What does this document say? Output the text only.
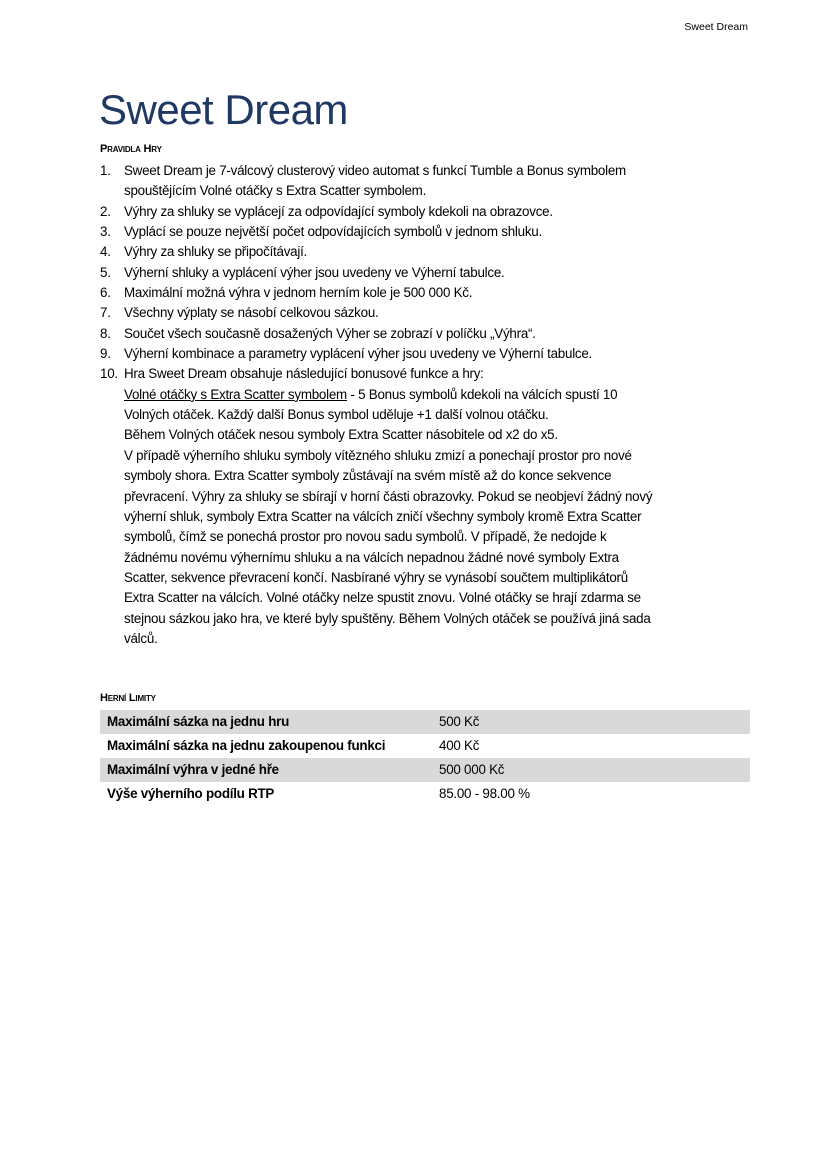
Sweet Dream
Sweet Dream
Pravidla Hry
1. Sweet Dream je 7-válcový clusterový video automat s funkcí Tumble a Bonus symbolem
spouštějícím Volné otáčky s Extra Scatter symbolem.
2. Výhry za shluky se vyplácejí za odpovídající symboly kdekoli na obrazovce.
3. Vyplácí se pouze největší počet odpovídajících symbolů v jednom shluku.
4. Výhry za shluky se připočítávají.
5. Výherní shluky a vyplácení výher jsou uvedeny ve Výherní tabulce.
6. Maximální možná výhra v jednom herním kole je 500 000 Kč.
7. Všechny výplaty se násobí celkovou sázkou.
8. Součet všech současně dosažených Výher se zobrazí v políčku „Výhra“.
9. Výherní kombinace a parametry vyplácení výher jsou uvedeny ve Výherní tabulce.
10. Hra Sweet Dream obsahuje následující bonusové funkce a hry:
Volné otáčky s Extra Scatter symbolem - 5 Bonus symbolů kdekoli na válcích spustí 10
Volných otáček. Každý další Bonus symbol uděluje +1 další volnou otáčku.
Během Volných otáček nesou symboly Extra Scatter násobitele od x2 do x5.
V případě výherního shluku symboly vítězného shluku zmizí a ponechají prostor pro nové
symboly shora. Extra Scatter symboly zůstávají na svém místě až do konce sekvence
převracení. Výhry za shluky se sbírají v horní části obrazovky. Pokud se neobjeví žádný nový
výherní shluk, symboly Extra Scatter na válcích zničí všechny symboly kromě Extra Scatter
symbolů, čímž se ponechá prostor pro novou sadu symbolů. V případě, že nedojde k
žádnému novému výhernímu shluku a na válcích nepadnou žádné nové symboly Extra
Scatter, sekvence převracení končí. Nasbírané výhry se vynásobí součtem multiplikátorů
Extra Scatter na válcích. Volné otáčky nelze spustit znovu. Volné otáčky se hrají zdarma se
stejnou sázkou jako hra, ve které byly spuštěny. Během Volných otáček se používá jiná sada
válců.
Herní Limity
Maximální sázka na jednu hru	500 Kč
Maximální sázka na jednu zakoupenou funkci	400 Kč
Maximální výhra v jedné hře	500 000 Kč
Výše výherního podílu RTP	85.00 - 98.00 %
